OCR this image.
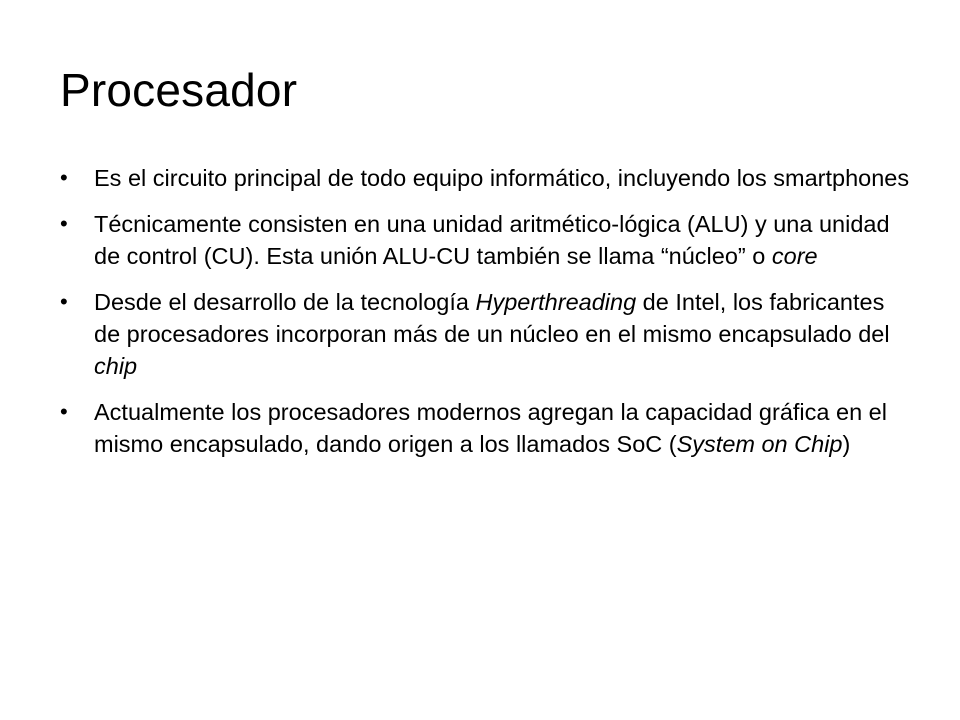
Procesador
•	Es el circuito principal de todo equipo informático, incluyendo los smartphones
•	Técnicamente consisten en una unidad aritmético-lógica (ALU) y una unidad de control (CU). Esta unión ALU-CU también se llama “núcleo” o core
•	Desde el desarrollo de la tecnología Hyperthreading de Intel, los fabricantes de procesadores incorporan más de un núcleo en el mismo encapsulado del chip
•	Actualmente los procesadores modernos agregan la capacidad gráfica en el mismo encapsulado, dando origen a los llamados SoC (System on Chip)
